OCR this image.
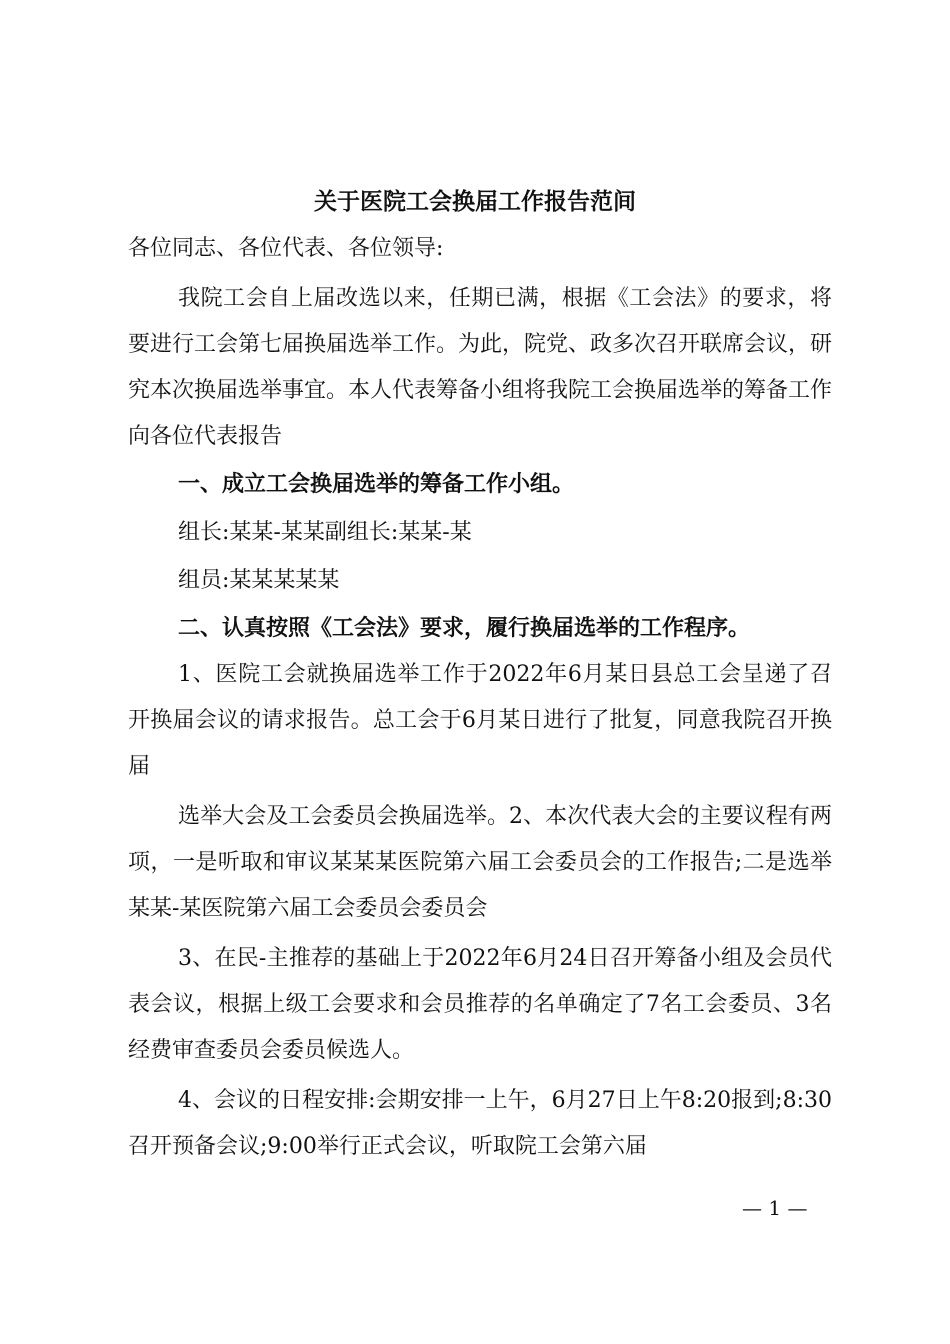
关于医院工会换届工作报告范间

各位同志、各位代表、各位领导:

我院工会自上届改选以来，任期已满，根据《工会法》的要求，将要进行工会第七届换届选举工作。为此，院党、政多次召开联席会议，研究本次换届选举事宜。本人代表筹备小组将我院工会换届选举的筹备工作向各位代表报告

一、成立工会换届选举的筹备工作小组。

组长:某某-某某副组长:某某-某

组员:某某某某某

二、认真按照《工会法》要求，履行换届选举的工作程序。

1、医院工会就换届选举工作于2022年6月某日县总工会呈递了召开换届会议的请求报告。总工会于6月某日进行了批复，同意我院召开换届

选举大会及工会委员会换届选举。2、本次代表大会的主要议程有两项，一是听取和审议某某某医院第六届工会委员会的工作报告;二是选举某某-某医院第六届工会委员会委员会

3、在民-主推荐的基础上于2022年6月24日召开筹备小组及会员代表会议，根据上级工会要求和会员推荐的名单确定了7名工会委员、3名经费审查委员会委员候选人。

4、会议的日程安排:会期安排一上午，6月27日上午8:20报到;8:30召开预备会议;9:00举行正式会议，听取院工会第六届

— 1 —
